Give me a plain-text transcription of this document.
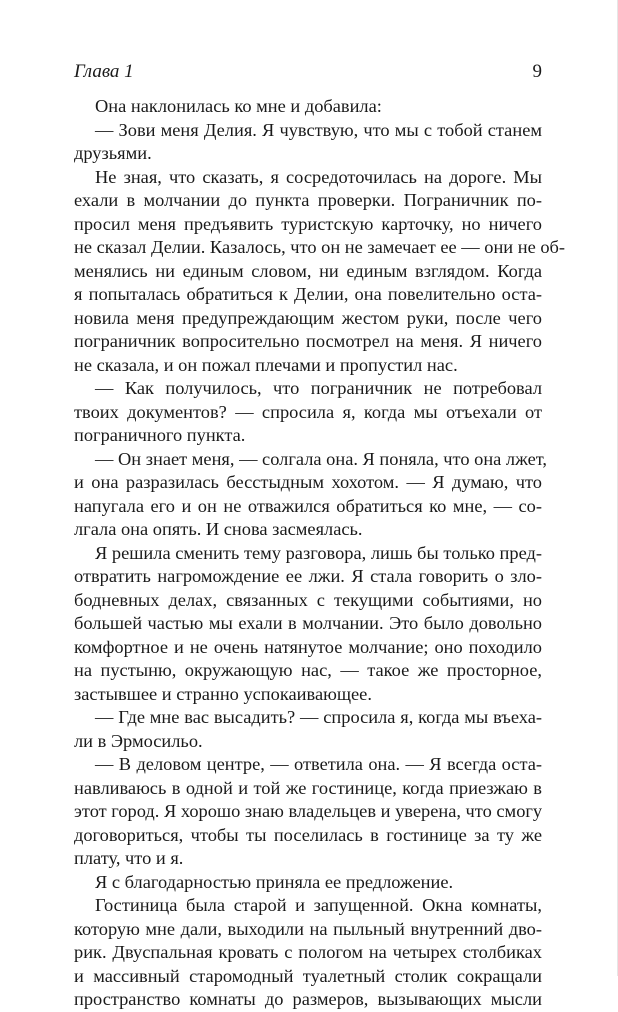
Глава 1	9
Она наклонилась ко мне и добавила:
— Зови меня Делия. Я чувствую, что мы с тобой станем
друзьями.
Не зная, что сказать, я сосредоточилась на дороге. Мы
ехали в молчании до пункта проверки. Пограничник по-
просил меня предъявить туристскую карточку, но ничего
не сказал Делии. Казалось, что он не замечает ее — они не об-
менялись ни единым словом, ни единым взглядом. Когда
я попыталась обратиться к Делии, она повелительно оста-
новила меня предупреждающим жестом руки, после чего
пограничник вопросительно посмотрел на меня. Я ничего
не сказала, и он пожал плечами и пропустил нас.
— Как получилось, что пограничник не потребовал
твоих документов? — спросила я, когда мы отъехали от
пограничного пункта.
— Он знает меня, — солгала она. Я поняла, что она лжет,
и она разразилась бесстыдным хохотом. — Я думаю, что
напугала его и он не отважился обратиться ко мне, — со-
лгала она опять. И снова засмеялась.
Я решила сменить тему разговора, лишь бы только пред-
отвратить нагромождение ее лжи. Я стала говорить о зло-
бодневных делах, связанных с текущими событиями, но
большей частью мы ехали в молчании. Это было довольно
комфортное и не очень натянутое молчание; оно походило
на пустыню, окружающую нас, — такое же просторное,
застывшее и странно успокаивающее.
— Где мне вас высадить? — спросила я, когда мы въеха-
ли в Эрмосильо.
— В деловом центре, — ответила она. — Я всегда оста-
навливаюсь в одной и той же гостинице, когда приезжаю в
этот город. Я хорошо знаю владельцев и уверена, что смогу
договориться, чтобы ты поселилась в гостинице за ту же
плату, что и я.
Я с благодарностью приняла ее предложение.
Гостиница была старой и запущенной. Окна комнаты,
которую мне дали, выходили на пыльный внутренний дво-
рик. Двуспальная кровать с пологом на четырех столбиках
и массивный старомодный туалетный столик сокращали
пространство комнаты до размеров, вызывающих мысли
